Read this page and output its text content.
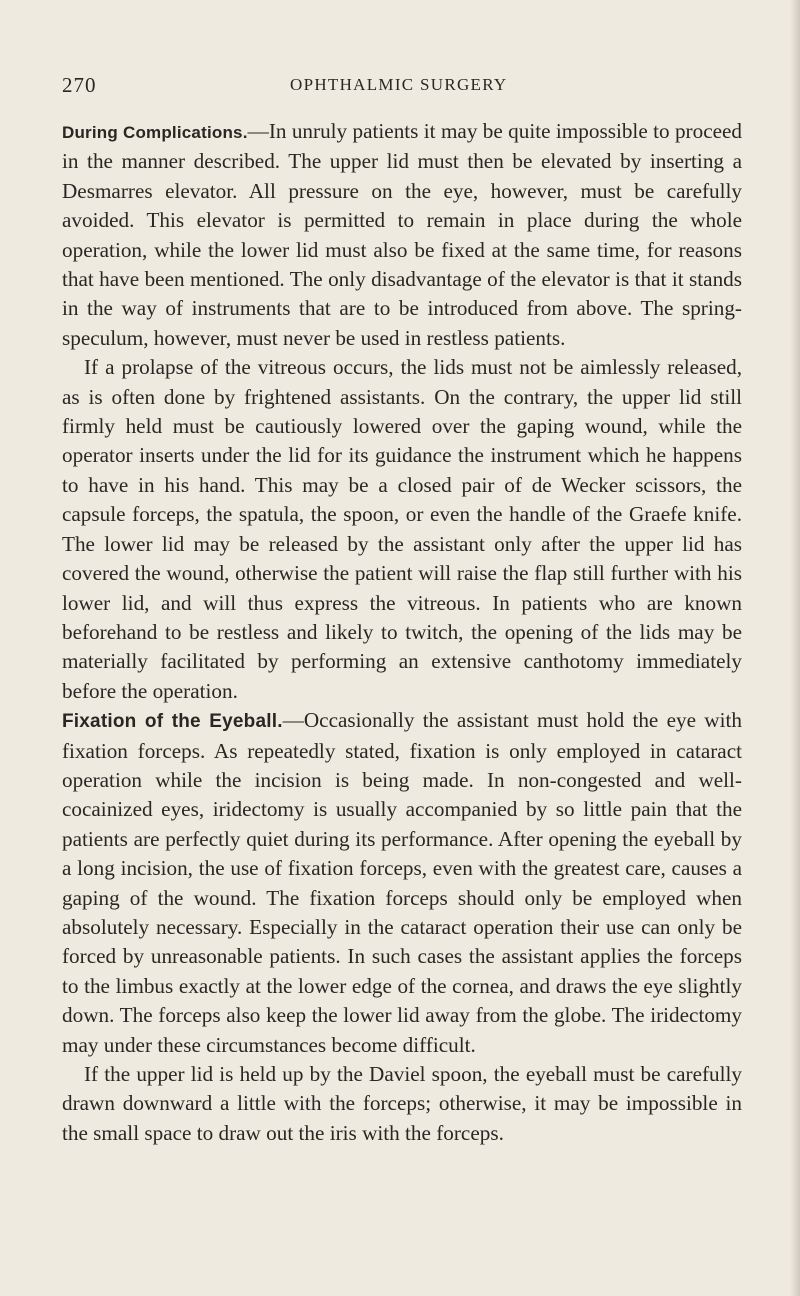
270	OPHTHALMIC SURGERY

During Complications.—In unruly patients it may be quite impossible to proceed in the manner described. The upper lid must then be elevated by inserting a Desmarres elevator. All pressure on the eye, however, must be carefully avoided. This elevator is permitted to remain in place during the whole operation, while the lower lid must also be fixed at the same time, for reasons that have been mentioned. The only disadvantage of the elevator is that it stands in the way of instruments that are to be introduced from above. The spring-speculum, however, must never be used in restless patients.

If a prolapse of the vitreous occurs, the lids must not be aimlessly released, as is often done by frightened assistants. On the contrary, the upper lid still firmly held must be cautiously lowered over the gaping wound, while the operator inserts under the lid for its guidance the instrument which he happens to have in his hand. This may be a closed pair of de Wecker scissors, the capsule forceps, the spatula, the spoon, or even the handle of the Graefe knife. The lower lid may be released by the assistant only after the upper lid has covered the wound, otherwise the patient will raise the flap still further with his lower lid, and will thus express the vitreous. In patients who are known beforehand to be restless and likely to twitch, the opening of the lids may be materially facilitated by performing an extensive canthotomy immediately before the operation.

Fixation of the Eyeball.—Occasionally the assistant must hold the eye with fixation forceps. As repeatedly stated, fixation is only employed in cataract operation while the incision is being made. In non-congested and well-cocainized eyes, iridectomy is usually accompanied by so little pain that the patients are perfectly quiet during its performance. After opening the eyeball by a long incision, the use of fixation forceps, even with the greatest care, causes a gaping of the wound. The fixation forceps should only be employed when absolutely necessary. Especially in the cataract operation their use can only be forced by unreasonable patients. In such cases the assistant applies the forceps to the limbus exactly at the lower edge of the cornea, and draws the eye slightly down. The forceps also keep the lower lid away from the globe. The iridectomy may under these circumstances become difficult.

If the upper lid is held up by the Daviel spoon, the eyeball must be carefully drawn downward a little with the forceps; otherwise, it may be impossible in the small space to draw out the iris with the forceps.
